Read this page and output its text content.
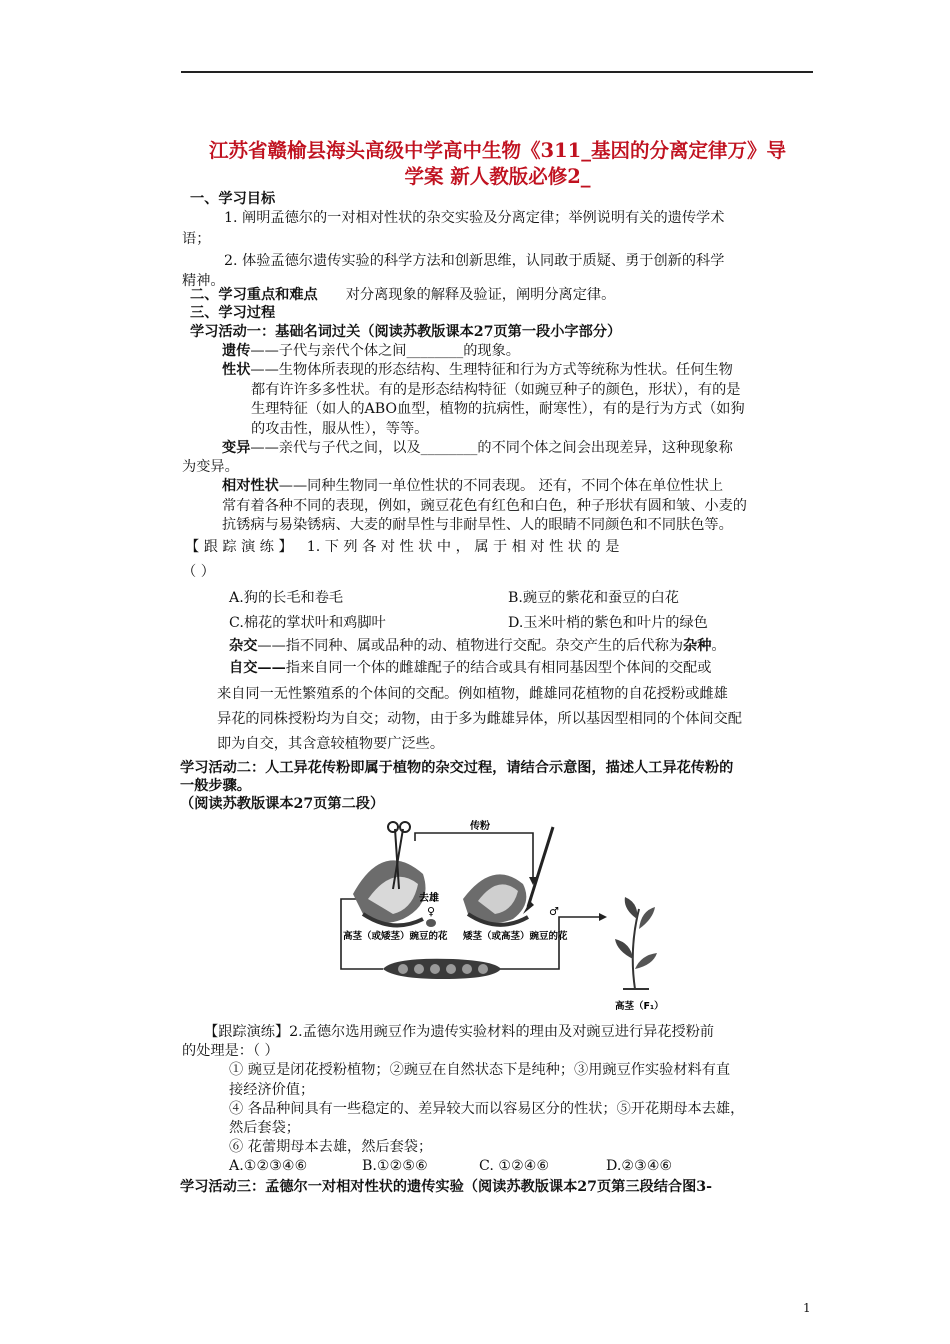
江苏省赣榆县海头高级中学高中生物《311_基因的分离定律万》导
学案 新人教版必修2_
一、学习目标
1. 阐明孟德尔的一对相对性状的杂交实验及分离定律；举例说明有关的遗传学术
语；
2. 体验孟德尔遗传实验的科学方法和创新思维，认同敢于质疑、勇于创新的科学
精神。
二、学习重点和难点 对分离现象的解释及验证，阐明分离定律。
三、学习过程
学习活动一：基础名词过关（阅读苏教版课本27页第一段小字部分）
遗传——子代与亲代个体之间________的现象。
性状——生物体所表现的形态结构、生理特征和行为方式等统称为性状。任何生物
都有许许多多性状。有的是形态结构特征（如豌豆种子的颜色，形状），有的是
生理特征（如人的ABO血型，植物的抗病性，耐寒性），有的是行为方式（如狗
的攻击性，服从性），等等。
变异——亲代与子代之间，以及________的不同个体之间会出现差异，这种现象称
为变异。
相对性状——同种生物同一单位性状的不同表现。 还有，不同个体在单位性状上
常有着各种不同的表现，例如，豌豆花色有红色和白色，种子形状有圆和皱、小麦的
抗锈病与易染锈病、大麦的耐旱性与非耐旱性、人的眼睛不同颜色和不同肤色等。
【 跟 踪 演 练 】 1. 下 列 各 对 性 状 中 ， 属 于 相 对 性 状 的 是
（ ）
A.狗的长毛和卷毛	B.豌豆的紫花和蚕豆的白花
C.棉花的掌状叶和鸡脚叶	D.玉米叶梢的紫色和叶片的绿色
杂交——指不同种、属或品种的动、植物进行交配。杂交产生的后代称为杂种。
自交——指来自同一个体的雌雄配子的结合或具有相同基因型个体间的交配或
来自同一无性繁殖系的个体间的交配。例如植物，雌雄同花植物的自花授粉或雌雄
异花的同株授粉均为自交；动物，由于多为雌雄异体，所以基因型相同的个体间交配
即为自交，其含意较植物要广泛些。
学习活动二：人工异花传粉即属于植物的杂交过程，请结合示意图，描述人工异花传粉的
一般步骤。
（阅读苏教版课本27页第二段）
传粉
去雄
♀	♂
高茎（或矮茎）豌豆的花 矮茎（或高茎）豌豆的花
高茎（F₁）
【跟踪演练】2.孟德尔选用豌豆作为遗传实验材料的理由及对豌豆进行异花授粉前
的处理是：（ ）
① 豌豆是闭花授粉植物；②豌豆在自然状态下是纯种；③用豌豆作实验材料有直
接经济价值；
④ 各品种间具有一些稳定的、差异较大而以容易区分的性状；⑤开花期母本去雄，
然后套袋；
⑥ 花蕾期母本去雄，然后套袋；
A.①②③④⑥	B.①②⑤⑥	C. ①②④⑥	D.②③④⑥
学习活动三：孟德尔一对相对性状的遗传实验（阅读苏教版课本27页第三段结合图3-
1
